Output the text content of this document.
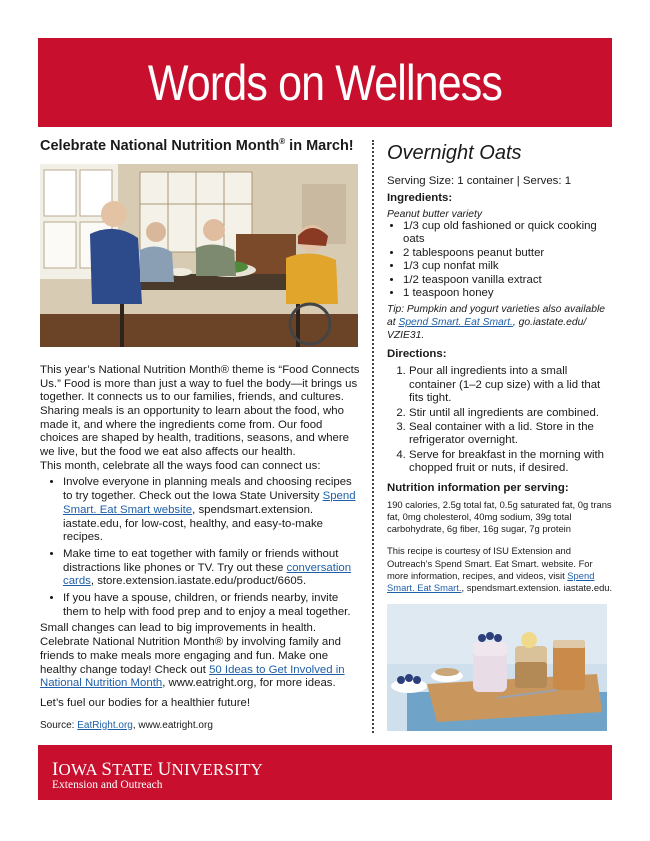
Words on Wellness
Celebrate National Nutrition Month® in March!

This year’s National Nutrition Month® theme is “Food Connects Us.” Food is more than just a way to fuel the body—it brings us together. It connects us to our families, friends, and cultures. Sharing meals is an opportunity to learn about the food, who made it, and where the ingredients come from. Our food choices are shaped by health, traditions, seasons, and where we live, but the food we eat also affects our health.

This month, celebrate all the ways food can connect us:

• Involve everyone in planning meals and choosing recipes to try together. Check out the Iowa State University Spend Smart. Eat Smart website, spendsmart.extension. iastate.edu, for low-cost, healthy, and easy-to-make recipes.
• Make time to eat together with family or friends without distractions like phones or TV. Try out these conversation cards, store.extension.iastate.edu/product/6605.
• If you have a spouse, children, or friends nearby, invite them to help with food prep and to enjoy a meal together.

Small changes can lead to big improvements in health. Celebrate National Nutrition Month® by involving family and friends to make meals more engaging and fun. Make one healthy change today! Check out 50 Ideas to Get Involved in National Nutrition Month, www.eatright.org, for more ideas.

Let’s fuel our bodies for a healthier future!

Source: EatRight.org, www.eatright.org

Overnight Oats

Serving Size: 1 container | Serves: 1

Ingredients:

Peanut butter variety

• 1/3 cup old fashioned or quick cooking oats
• 2 tablespoons peanut butter
• 1/3 cup nonfat milk
• 1/2 teaspoon vanilla extract
• 1 teaspoon honey

Tip: Pumpkin and yogurt varieties also available at Spend Smart. Eat Smart., go.iastate.edu/ VZIE31.

Directions:
1. Pour all ingredients into a small container (1–2 cup size) with a lid that fits tight.
2. Stir until all ingredients are combined.
3. Seal container with a lid. Store in the refrigerator overnight.
4. Serve for breakfast in the morning with chopped fruit or nuts, if desired.
Nutrition information per serving:

190 calories, 2.5g total fat, 0.5g saturated fat, 0g trans fat, 0mg cholesterol, 40mg sodium, 39g total carbohydrate, 6g fiber, 16g sugar, 7g protein

This recipe is courtesy of ISU Extension and Outreach’s Spend Smart. Eat Smart. website. For more information, recipes, and videos, visit Spend Smart. Eat Smart., spendsmart.extension. iastate.edu.

IOWA STATE UNIVERSITY
Extension and Outreach
